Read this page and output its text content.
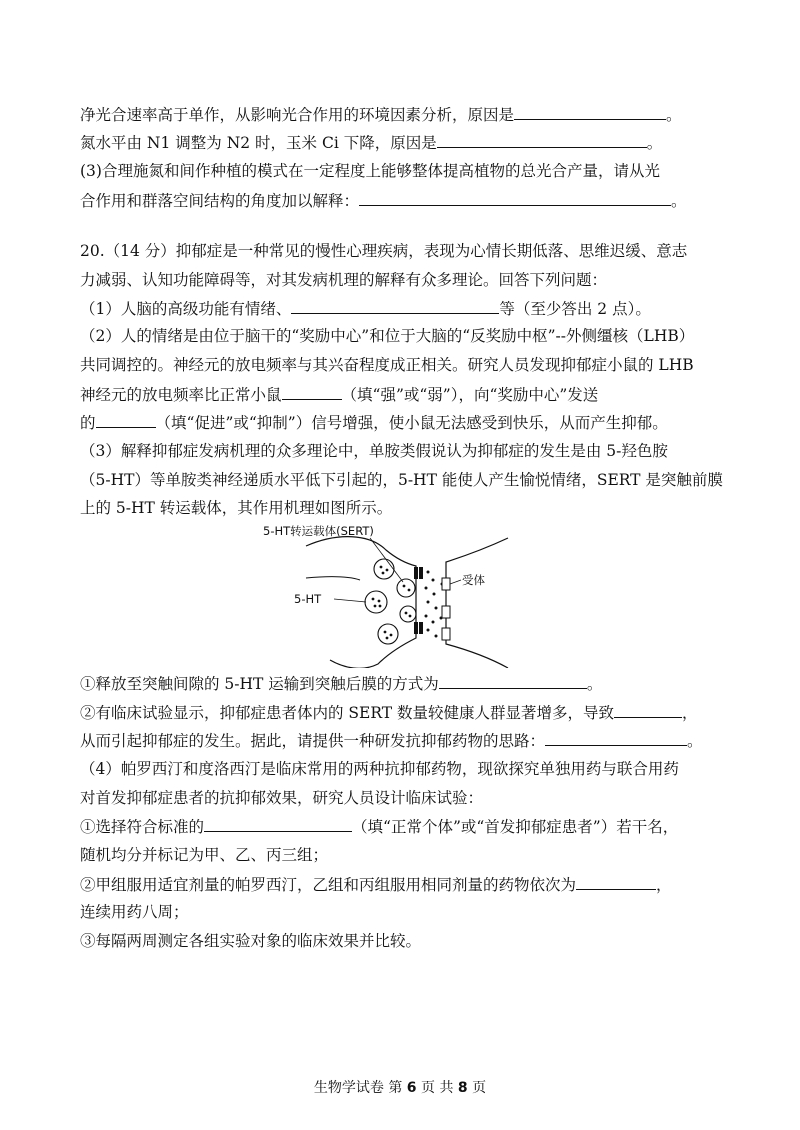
净光合速率高于单作，从影响光合作用的环境因素分析，原因是	。
氮水平由 N1 调整为 N2 时，玉米 Ci 下降，原因是	。
(3)合理施氮和间作种植的模式在一定程度上能够整体提高植物的总光合产量，请从光
合作用和群落空间结构的角度加以解释：	。
20.（14 分）抑郁症是一种常见的慢性心理疾病，表现为心情长期低落、思维迟缓、意志
力减弱、认知功能障碍等，对其发病机理的解释有众多理论。回答下列问题：
（1）人脑的高级功能有情绪、	等（至少答出 2 点）。
（2）人的情绪是由位于脑干的“奖励中心”和位于大脑的“反奖励中枢”--外侧缰核（LHB）
共同调控的。神经元的放电频率与其兴奋程度成正相关。研究人员发现抑郁症小鼠的 LHB
神经元的放电频率比正常小鼠	（填“强”或“弱”），向“奖励中心”发送
的	（填“促进”或“抑制”）信号增强，使小鼠无法感受到快乐，从而产生抑郁。
（3）解释抑郁症发病机理的众多理论中，单胺类假说认为抑郁症的发生是由 5-羟色胺
（5-HT）等单胺类神经递质水平低下引起的，5-HT 能使人产生愉悦情绪，SERT 是突触前膜
上的 5-HT 转运载体，其作用机理如图所示。
5-HT转运载体(SERT)
5-HT
受体
①释放至突触间隙的 5-HT 运输到突触后膜的方式为	。
②有临床试验显示，抑郁症患者体内的 SERT 数量较健康人群显著增多，导致	，
从而引起抑郁症的发生。据此，请提供一种研发抗抑郁药物的思路：	。
（4）帕罗西汀和度洛西汀是临床常用的两种抗抑郁药物，现欲探究单独用药与联合用药
对首发抑郁症患者的抗抑郁效果，研究人员设计临床试验：
①选择符合标准的	（填“正常个体”或“首发抑郁症患者”）若干名，
随机均分并标记为甲、乙、丙三组；
②甲组服用适宜剂量的帕罗西汀，乙组和丙组服用相同剂量的药物依次为	，
连续用药八周；
③每隔两周测定各组实验对象的临床效果并比较。
生物学试卷 第 6 页 共 8 页
